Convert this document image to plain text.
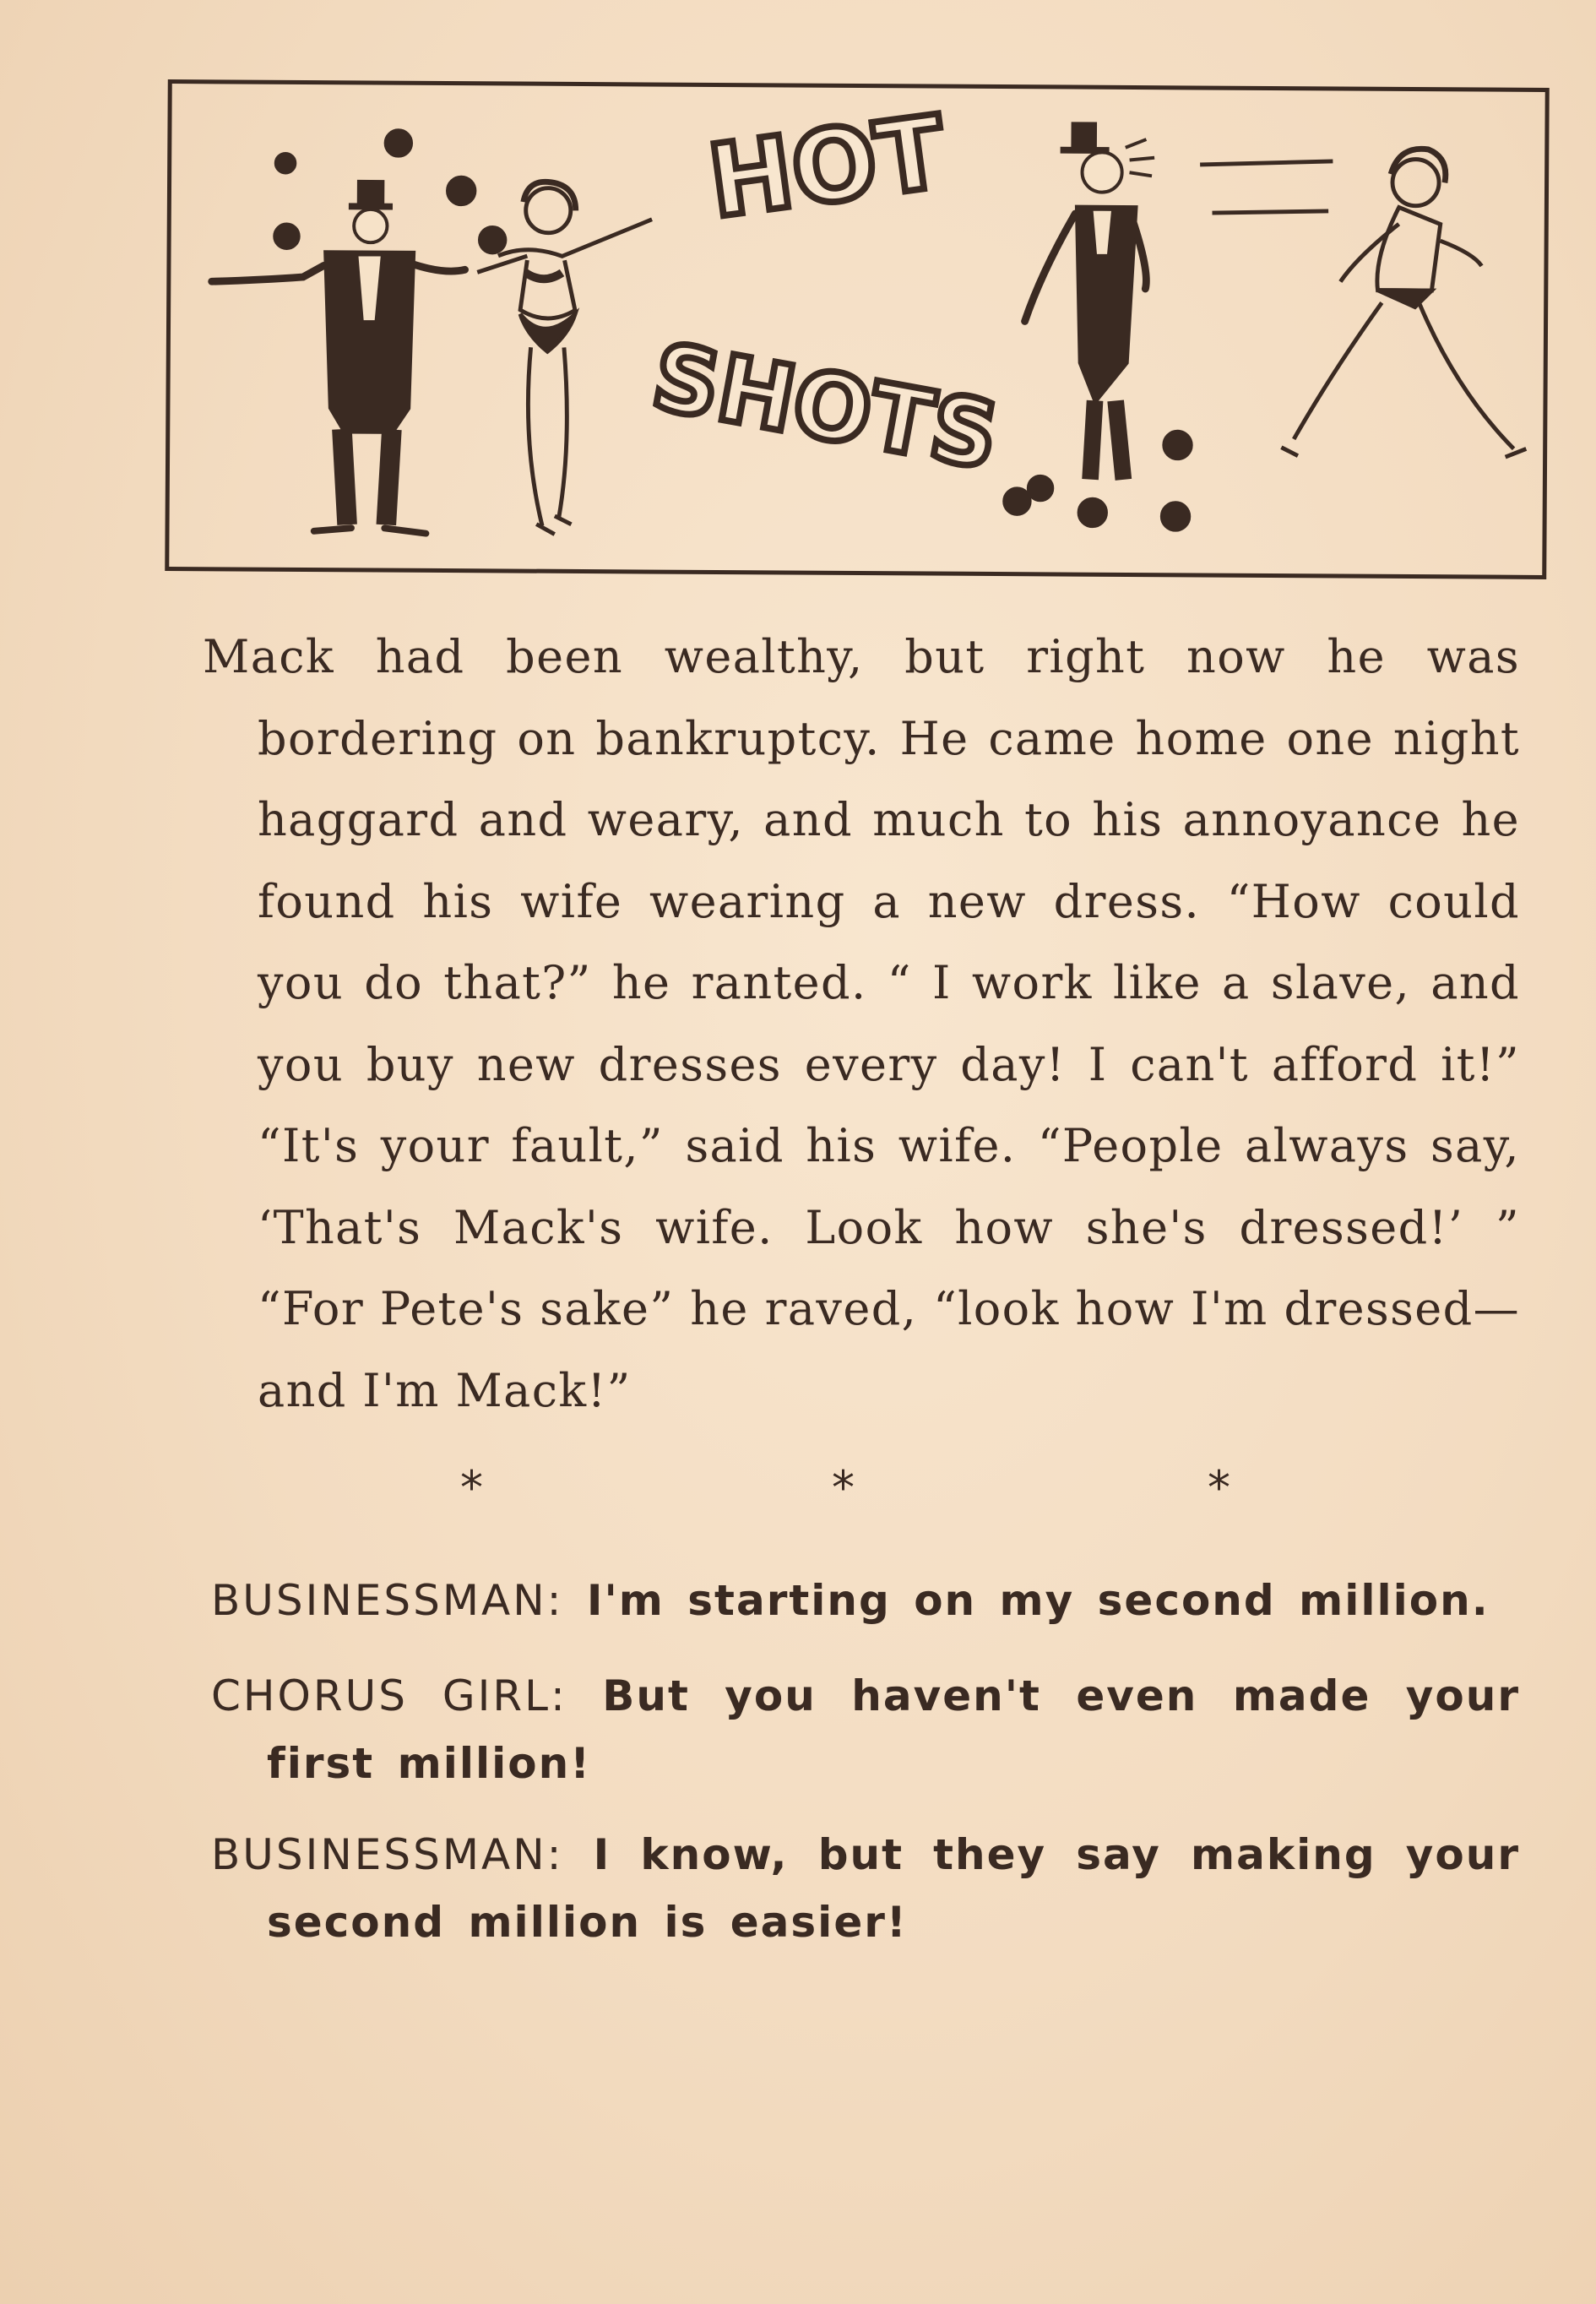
HOT
SHOTS
Mack had been wealthy, but right now he was bordering on bankruptcy. He came home one night haggard and weary, and much to his annoyance he found his wife wearing a new dress. “How could you do that?” he ranted. “ I work like a slave, and you buy new dresses every day! I can't afford it!” “It's your fault,” said his wife. “People always say, ‘That's Mack's wife. Look how she's dressed!’ ” “For Pete's sake” he raved, “look how I'm dressed—and I'm Mack!”
*	*	*
BUSINESSMAN: I'm starting on my second million.
CHORUS GIRL: But you haven't even made your first million!
BUSINESSMAN: I know, but they say making your second million is easier!
